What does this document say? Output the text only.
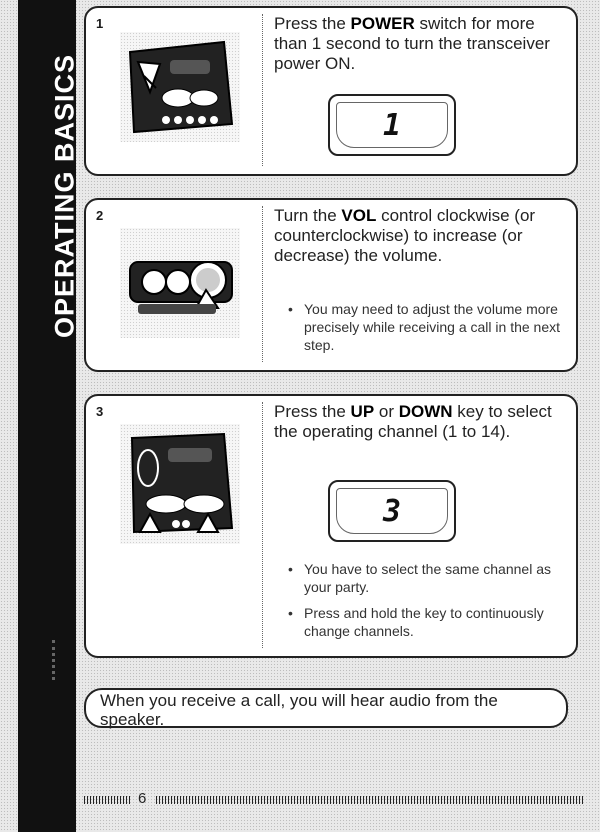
OPERATING BASICS
1	Press the POWER switch for more than 1 second to turn the transceiver power ON.
1
2	Turn the VOL control clockwise (or counterclockwise) to increase (or decrease) the volume.
• You may need to adjust the volume more precisely while receiving a call in the next step.
3	Press the UP or DOWN key to select the operating channel (1 to 14).
3
• You have to select the same channel as your party.
• Press and hold the key to continuously change channels.
When you receive a call, you will hear audio from the speaker.
6
